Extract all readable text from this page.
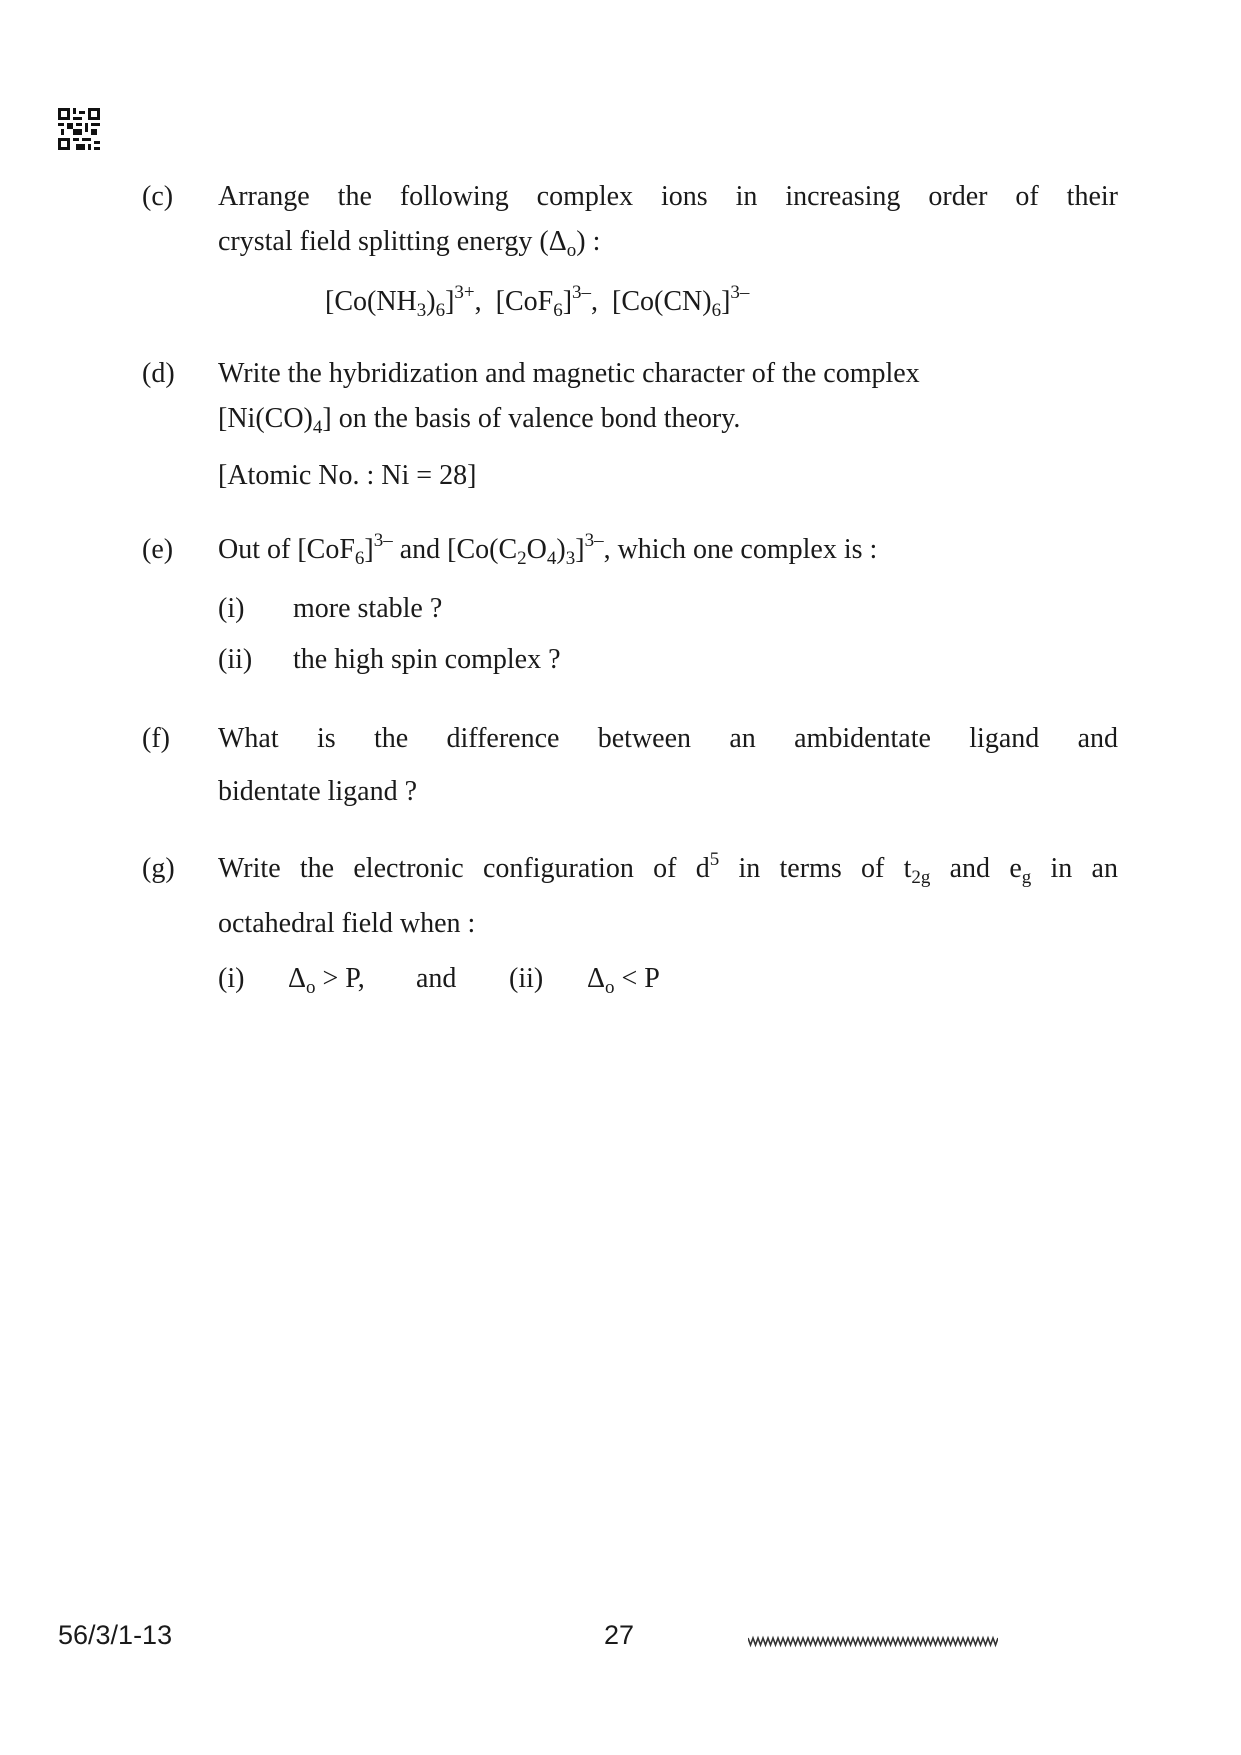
(c) Arrange the following complex ions in increasing order of their
crystal field splitting energy $(\Delta_o)$ :
$[Co(NH_3)_6]^{3+}$,  $[CoF_6]^{3-}$,  $[Co(CN)_6]^{3-}$
(d) Write the hybridization and magnetic character of the complex
$[Ni(CO)_4]$ on the basis of valence bond theory.
[Atomic No. : Ni = 28]
(e) Out of $[CoF_6]^{3-}$ and $[Co(C_2O_4)_3]^{3-}$, which one complex is :
(i) more stable ?
(ii) the high spin complex ?
(f) What is the difference between an ambidentate ligand and
bidentate ligand ?
(g) Write the electronic configuration of $d^5$ in terms of $t_{2g}$ and $e_g$ in an
octahedral field when :
(i) $\Delta_o > P$, and (ii) $\Delta_o < P$
56/3/1-13	27
